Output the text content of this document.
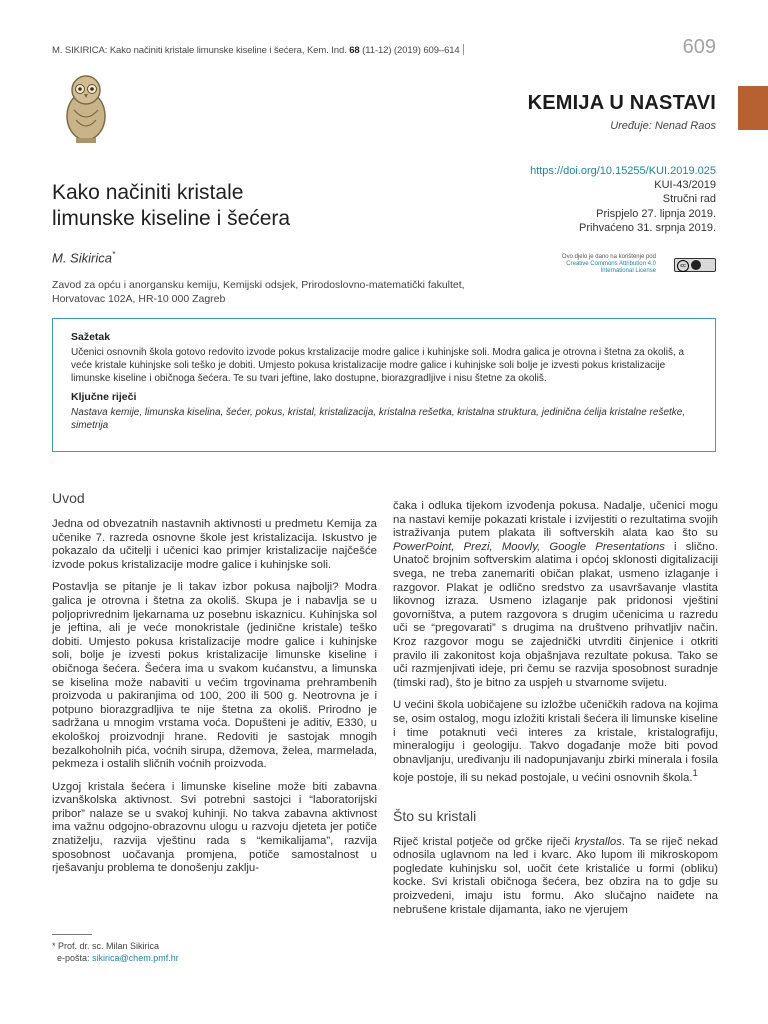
M. SIKIRICA: Kako načiniti kristale limunske kiseline i šećera, Kem. Ind. 68 (11-12) (2019) 609–614	609
KEMIJA U NASTAVI
Uređuje: Nenad Raos
https://doi.org/10.15255/KUI.2019.025
KUI-43/2019
Stručni rad
Prispjelo 27. lipnja 2019.
Prihvaćeno 31. srpnja 2019.
Kako načiniti kristale
limunske kiseline i šećera
M. Sikirica*	Ovo djelo je dano na korištenje pod
Creative Commons Attribution 4.0
International License
cc
Zavod za opću i anorgansku kemiju, Kemijski odsjek, Prirodoslovno-matematički fakultet,
Horvatovac 102A, HR-10 000 Zagreb
Sažetak
Učenici osnovnih škola gotovo redovito izvode pokus krstalizacije modre galice i kuhinjske soli. Modra galica je otrovna i štetna za okoliš, a veće kristale kuhinjske soli teško je dobiti. Umjesto pokusa kristalizacije modre galice i kuhinjske soli bolje je izvesti pokus kristalizacije limunske kiseline i običnoga šećera. Te su tvari jeftine, lako dostupne, biorazgradljive i nisu štetne za okoliš.
Ključne riječi
Nastava kemije, limunska kiselina, šećer, pokus, kristal, kristalizacija, kristalna rešetka, kristalna struktura, jedinična ćelija kristalne rešetke, simetrija
Uvod

Jedna od obvezatnih nastavnih aktivnosti u predmetu Kemija za učenike 7. razreda osnovne škole jest kristalizacija. Iskustvo je pokazalo da učitelji i učenici kao primjer kristalizacije najčešće izvode pokus kristalizacije modre galice i kuhinjske soli.

Postavlja se pitanje je li takav izbor pokusa najbolji? Modra galica je otrovna i štetna za okoliš. Skupa je i nabavlja se u poljoprivrednim ljekarnama uz posebnu iskaznicu. Kuhinjska sol je jeftina, ali je veće monokristale (jedinične kristale) teško dobiti. Umjesto pokusa kristalizacije modre galice i kuhinjske soli, bolje je izvesti pokus kristalizacije limunske kiseline i običnoga šećera. Šećera ima u svakom kućanstvu, a limunska se kiselina može nabaviti u većim trgovinama prehrambenih proizvoda u pakiranjima od 100, 200 ili 500 g. Neotrovna je i potpuno biorazgradljiva te nije štetna za okoliš. Prirodno je sadržana u mnogim vrstama voća. Dopušteni je aditiv, E330, u ekološkoj proizvodnji hrane. Redoviti je sastojak mnogih bezalkoholnih pića, voćnih sirupa, džemova, želea, marmelada, pekmeza i ostalih sličnih voćnih proizvoda.

Uzgoj kristala šećera i limunske kiseline može biti zabavna izvanškolska aktivnost. Svi potrebni sastojci i “laboratorijski pribor” nalaze se u svakoj kuhinji. No takva zabavna aktivnost ima važnu odgojno-obrazovnu ulogu u razvoju djeteta jer potiče znatiželju, razvija vještinu rada s “kemikalijama”, razvija sposobnost uočavanja promjena, potiče samostalnost u rješavanju problema te donošenju zaklju-

čaka i odluka tijekom izvođenja pokusa. Nadalje, učenici mogu na nastavi kemije pokazati kristale i izvijestiti o rezultatima svojih istraživanja putem plakata ili softverskih alata kao što su PowerPoint, Prezi, Moovly, Google Presentations i slično. Unatoč brojnim softverskim alatima i općoj sklonosti digitalizaciji svega, ne treba zanemariti običan plakat, usmeno izlaganje i razgovor. Plakat je odlično sredstvo za usavršavanje vlastita likovnog izraza. Usmeno izlaganje pak pridonosi vještini govorništva, a putem razgovora s drugim učenicima u razredu uči se “pregovarati” s drugima na društveno prihvatljiv način. Kroz razgovor mogu se zajednički utvrditi činjenice i otkriti pravilo ili zakonitost koja objašnjava rezultate pokusa. Tako se uči razmjenjivati ideje, pri čemu se razvija sposobnost suradnje (timski rad), što je bitno za uspjeh u stvarnome svijetu.

U većini škola uobičajene su izložbe učeničkih radova na kojima se, osim ostalog, mogu izložiti kristali šećera ili limunske kiseline i time potaknuti veći interes za kristale, kristalografiju, mineralogiju i geologiju. Takvo događanje može biti povod obnavljanju, uređivanju ili nadopunjavanju zbirki minerala i fosila koje postoje, ili su nekad postojale, u većini osnovnih škola.$^1$

Što su kristali

Riječ kristal potječe od grčke riječi krystallos. Ta se riječ nekad odnosila uglavnom na led i kvarc. Ako lupom ili mikroskopom pogledate kuhinjsku sol, uočit ćete kristaliće u formi (obliku) kocke. Svi kristali običnoga šećera, bez obzira na to gdje su proizvedeni, imaju istu formu. Ako slučajno naiđete na nebrušene kristale dijamanta, iako ne vjerujem

* Prof. dr. sc. Milan Sikirica
e-pošta: sikirica@chem.pmf.hr
